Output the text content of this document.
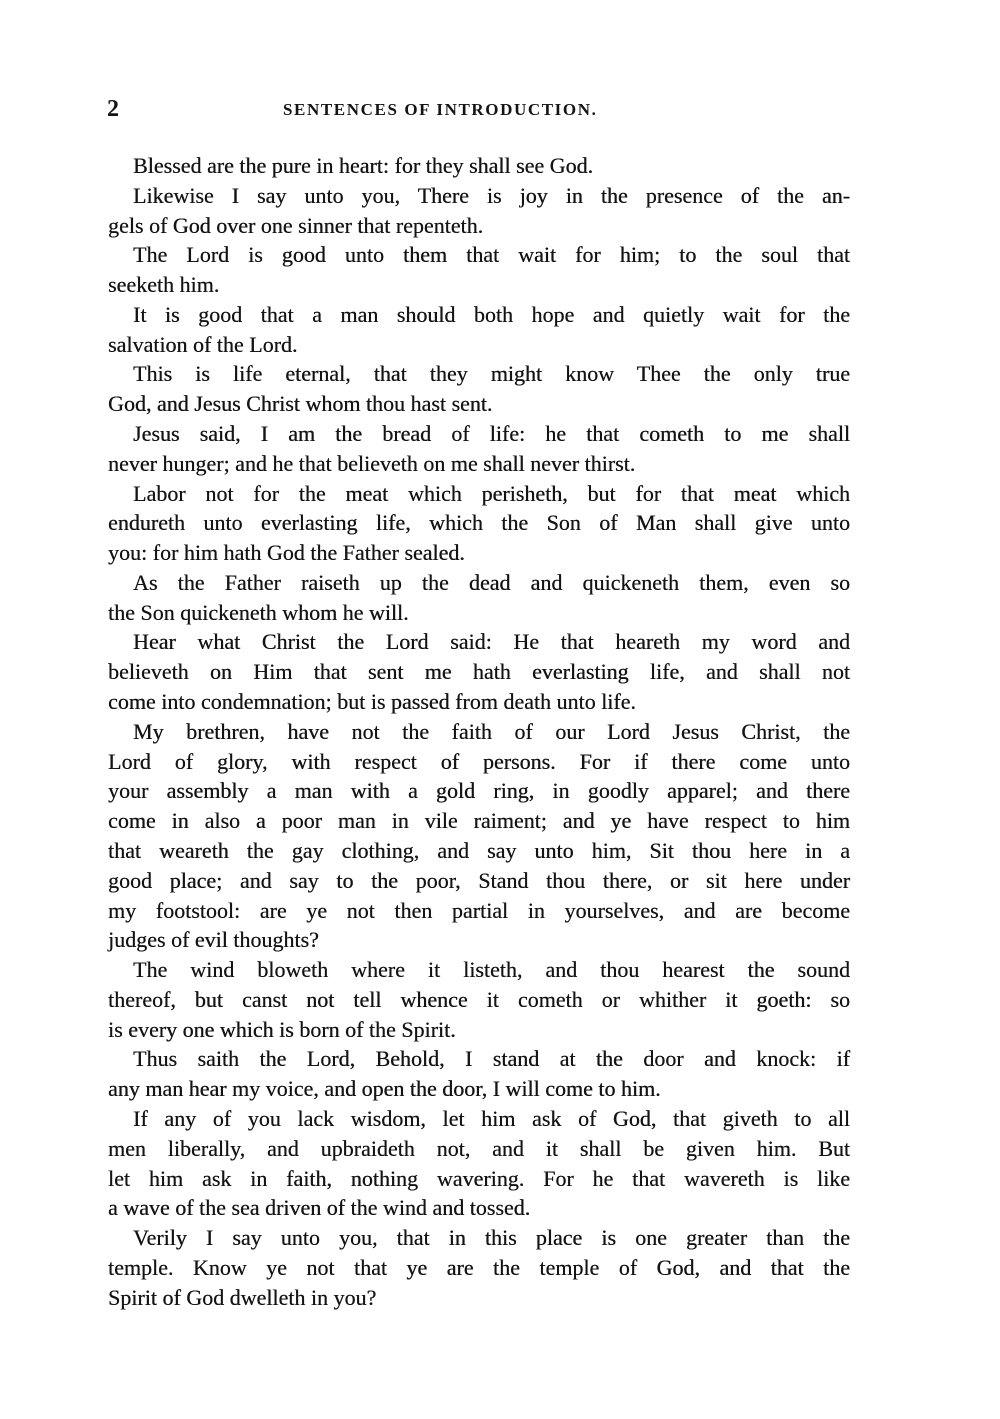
2	SENTENCES OF INTRODUCTION.
Blessed are the pure in heart: for they shall see God.
Likewise I say unto you, There is joy in the presence of the an-
gels of God over one sinner that repenteth.
The Lord is good unto them that wait for him; to the soul that
seeketh him.
It is good that a man should both hope and quietly wait for the
salvation of the Lord.
This is life eternal, that they might know Thee the only true
God, and Jesus Christ whom thou hast sent.
Jesus said, I am the bread of life: he that cometh to me shall
never hunger; and he that believeth on me shall never thirst.
Labor not for the meat which perisheth, but for that meat which
endureth unto everlasting life, which the Son of Man shall give unto
you: for him hath God the Father sealed.
As the Father raiseth up the dead and quickeneth them, even so
the Son quickeneth whom he will.
Hear what Christ the Lord said: He that heareth my word and
believeth on Him that sent me hath everlasting life, and shall not
come into condemnation; but is passed from death unto life.
My brethren, have not the faith of our Lord Jesus Christ, the
Lord of glory, with respect of persons. For if there come unto
your assembly a man with a gold ring, in goodly apparel; and there
come in also a poor man in vile raiment; and ye have respect to him
that weareth the gay clothing, and say unto him, Sit thou here in a
good place; and say to the poor, Stand thou there, or sit here under
my footstool: are ye not then partial in yourselves, and are become
judges of evil thoughts?
The wind bloweth where it listeth, and thou hearest the sound
thereof, but canst not tell whence it cometh or whither it goeth: so
is every one which is born of the Spirit.
Thus saith the Lord, Behold, I stand at the door and knock: if
any man hear my voice, and open the door, I will come to him.
If any of you lack wisdom, let him ask of God, that giveth to all
men liberally, and upbraideth not, and it shall be given him. But
let him ask in faith, nothing wavering. For he that wavereth is like
a wave of the sea driven of the wind and tossed.
Verily I say unto you, that in this place is one greater than the
temple. Know ye not that ye are the temple of God, and that the
Spirit of God dwelleth in you?
